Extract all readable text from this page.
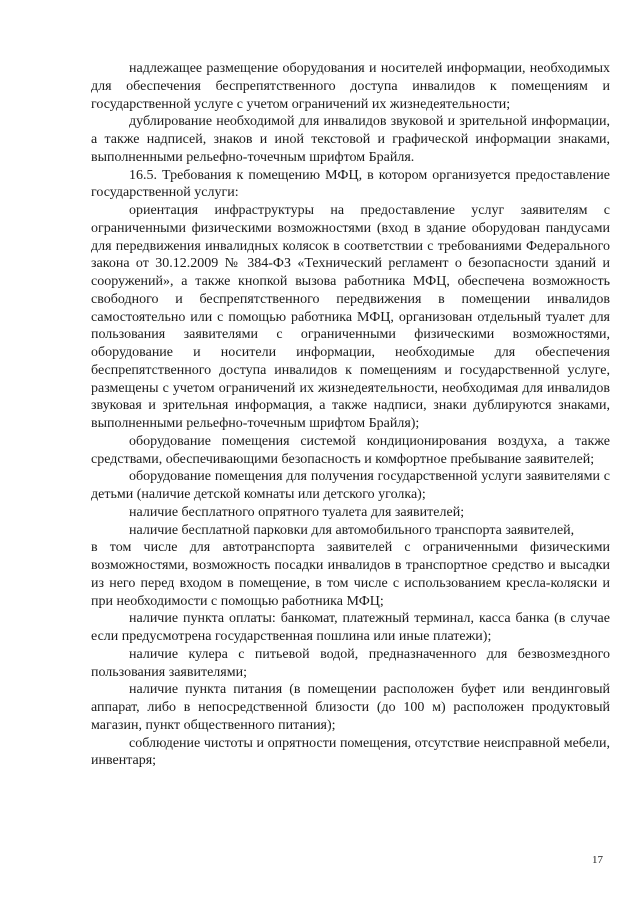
надлежащее размещение оборудования и носителей информации, необходимых для обеспечения беспрепятственного доступа инвалидов к помещениям и государственной услуге с учетом ограничений их жизнедеятельности;

дублирование необходимой для инвалидов звуковой и зрительной информации, а также надписей, знаков и иной текстовой и графической информации знаками, выполненными рельефно-точечным шрифтом Брайля.

16.5. Требования к помещению МФЦ, в котором организуется предоставление государственной услуги:

ориентация инфраструктуры на предоставление услуг заявителям с ограниченными физическими возможностями (вход в здание оборудован пандусами для передвижения инвалидных колясок в соответствии с требованиями Федерального закона от 30.12.2009 № 384-ФЗ «Технический регламент о безопасности зданий и сооружений», а также кнопкой вызова работника МФЦ, обеспечена возможность свободного и беспрепятственного передвижения в помещении инвалидов самостоятельно или с помощью работника МФЦ, организован отдельный туалет для пользования заявителями с ограниченными физическими возможностями, оборудование и носители информации, необходимые для обеспечения беспрепятственного доступа инвалидов к помещениям и государственной услуге, размещены с учетом ограничений их жизнедеятельности, необходимая для инвалидов звуковая и зрительная информация, а также надписи, знаки дублируются знаками, выполненными рельефно-точечным шрифтом Брайля);

оборудование помещения системой кондиционирования воздуха, а также средствами, обеспечивающими безопасность и комфортное пребывание заявителей;

оборудование помещения для получения государственной услуги заявителями с детьми (наличие детской комнаты или детского уголка);

наличие бесплатного опрятного туалета для заявителей;

наличие бесплатной парковки для автомобильного транспорта заявителей,

в том числе для автотранспорта заявителей с ограниченными физическими возможностями, возможность посадки инвалидов в транспортное средство и высадки из него перед входом в помещение, в том числе с использованием кресла-коляски и при необходимости с помощью работника МФЦ;

наличие пункта оплаты: банкомат, платежный терминал, касса банка (в случае если предусмотрена государственная пошлина или иные платежи);

наличие кулера с питьевой водой, предназначенного для безвозмездного пользования заявителями;

наличие пункта питания (в помещении расположен буфет или вендинговый аппарат, либо в непосредственной близости (до 100 м) расположен продуктовый магазин, пункт общественного питания);

соблюдение чистоты и опрятности помещения, отсутствие неисправной мебели, инвентаря;

17
